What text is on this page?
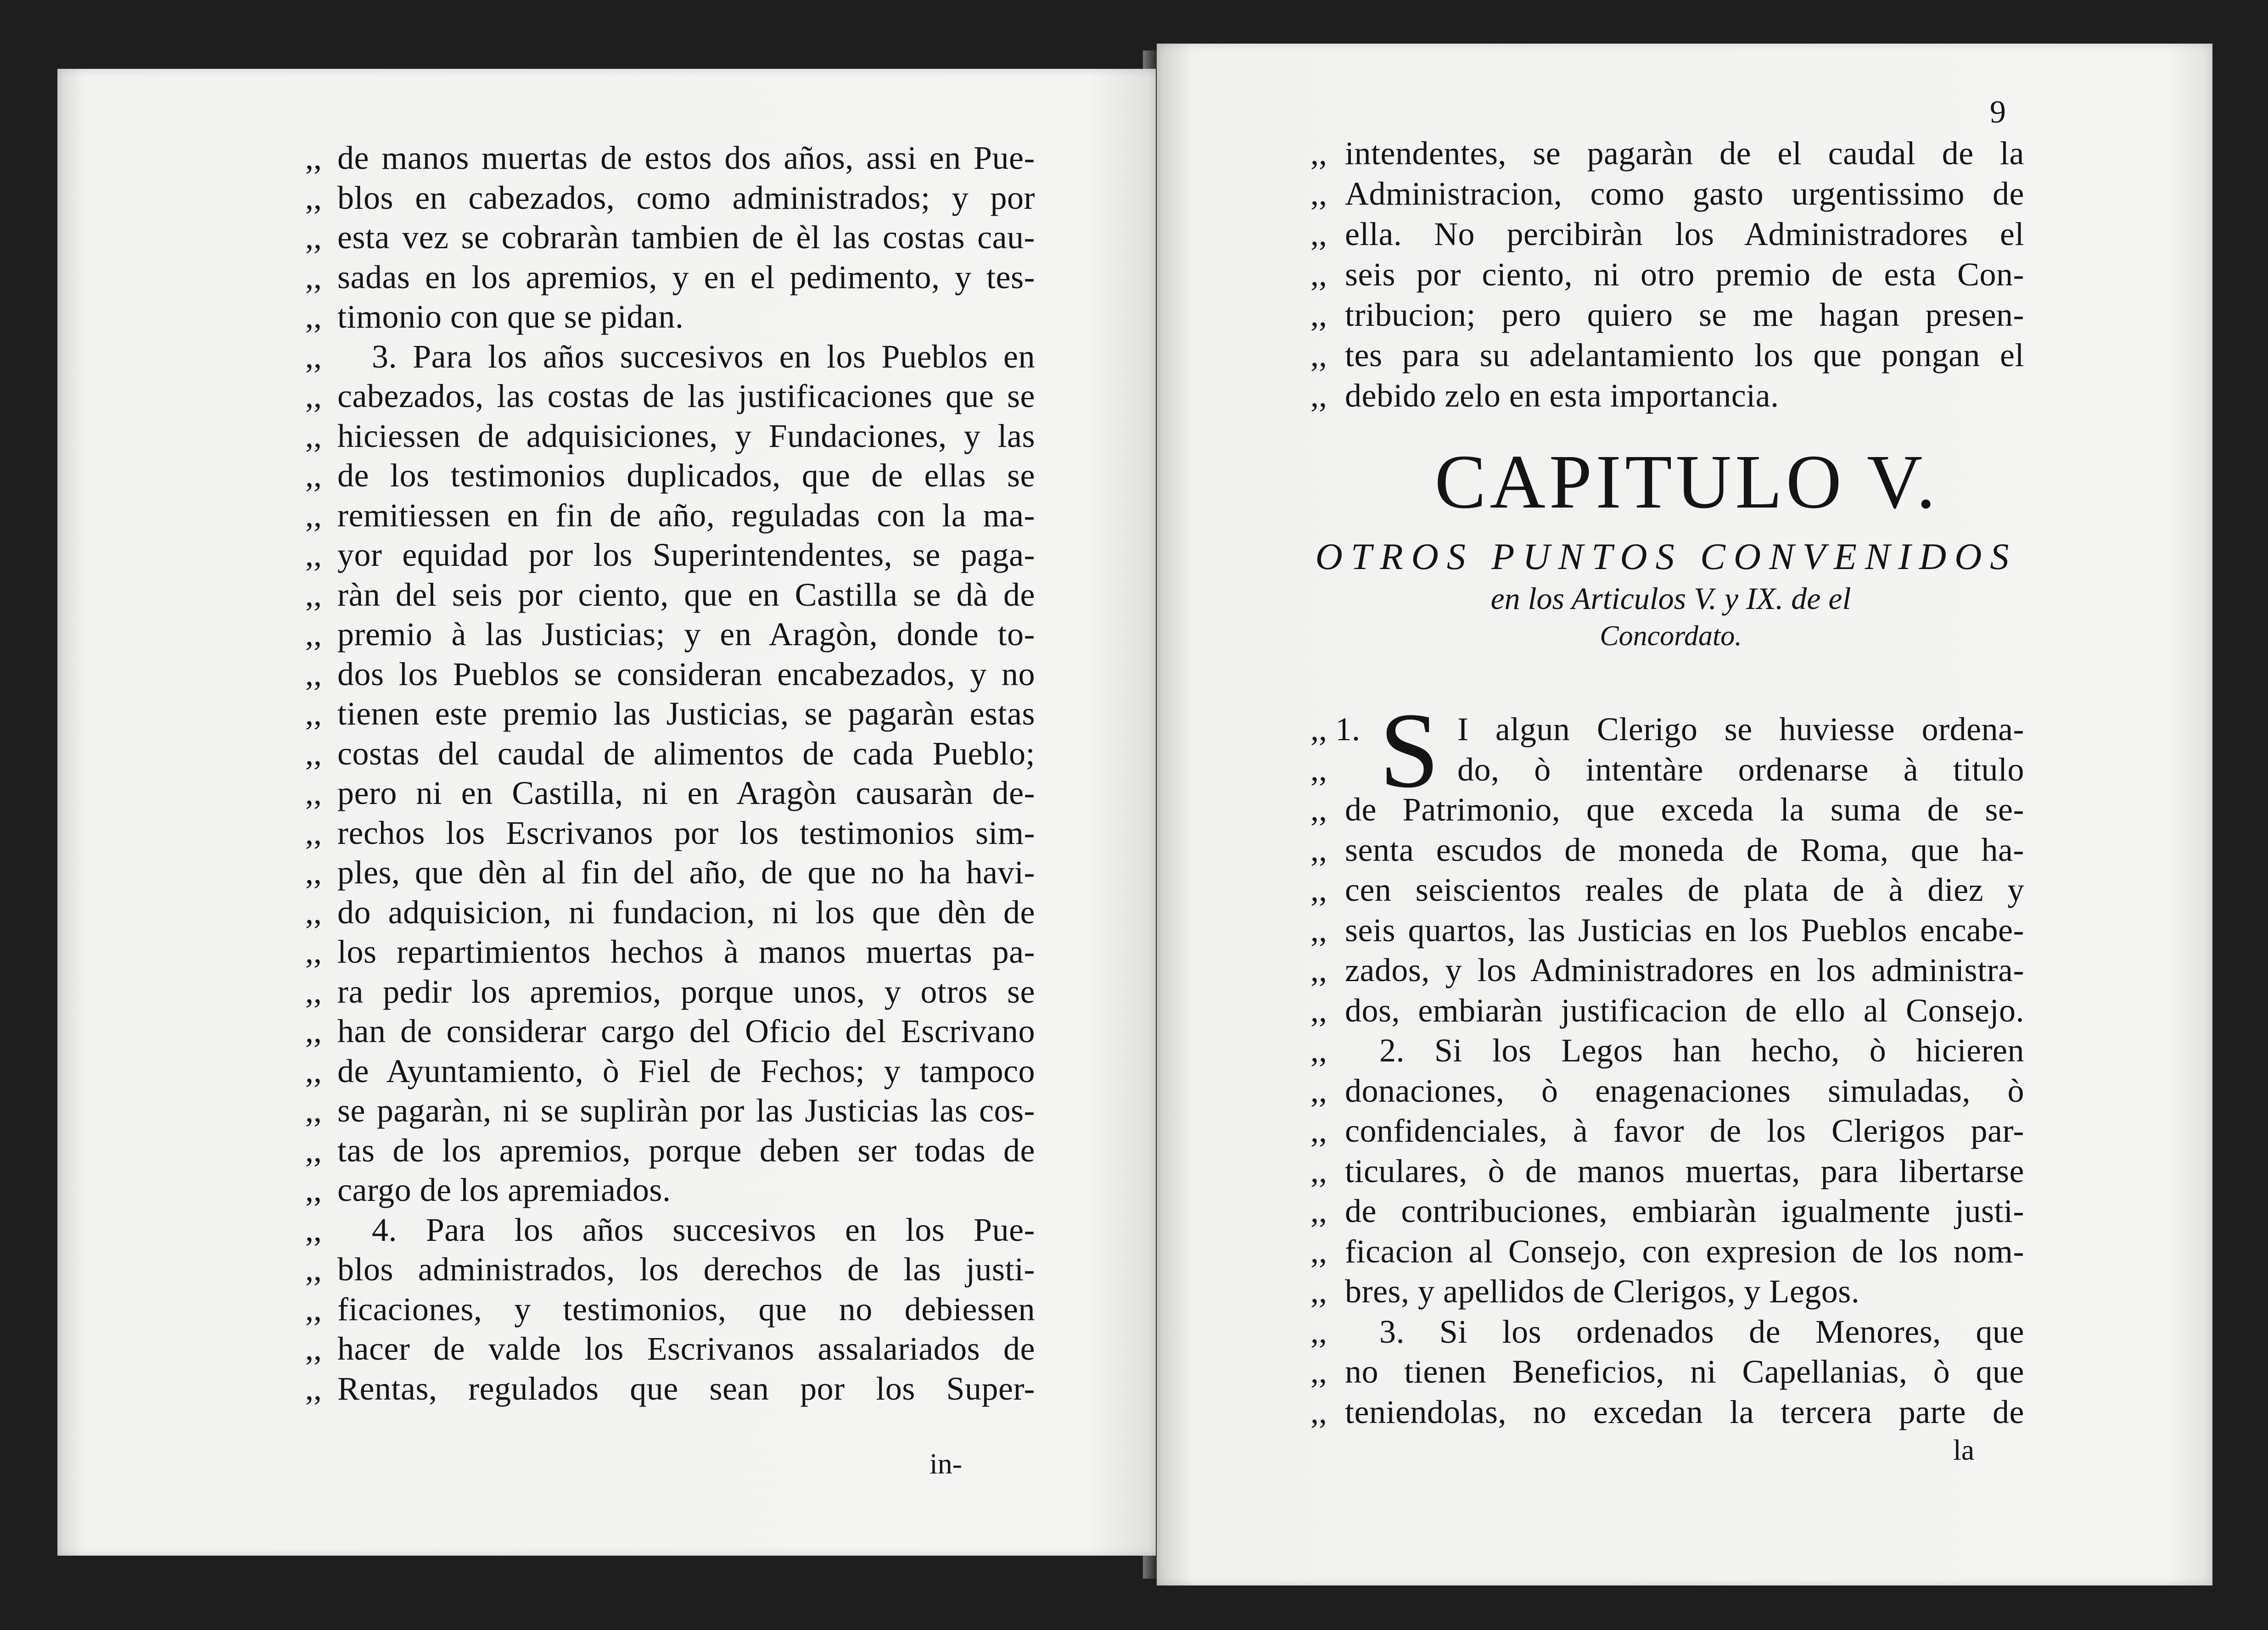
,, de manos muertas de estos dos años, assi en Pue-
,, blos en cabezados, como administrados; y por
,, esta vez se cobraràn tambien de èl las costas cau-
,, sadas en los apremios, y en el pedimento, y tes-
,, timonio con que se pidan.
,, 3. Para los años succesivos en los Pueblos en
,, cabezados, las costas de las justificaciones que se
,, hiciessen de adquisiciones, y Fundaciones, y las
,, de los testimonios duplicados, que de ellas se
,, remitiessen en fin de año, reguladas con la ma-
,, yor equidad por los Superintendentes, se paga-
,, ràn del seis por ciento, que en Castilla se dà de
,, premio à las Justicias; y en Aragòn, donde to-
,, dos los Pueblos se consideran encabezados, y no
,, tienen este premio las Justicias, se pagaràn estas
,, costas del caudal de alimentos de cada Pueblo;
,, pero ni en Castilla, ni en Aragòn causaràn de-
,, rechos los Escrivanos por los testimonios sim-
,, ples, que dèn al fin del año, de que no ha havi-
,, do adquisicion, ni fundacion, ni los que dèn de
,, los repartimientos hechos à manos muertas pa-
,, ra pedir los apremios, porque unos, y otros se
,, han de considerar cargo del Oficio del Escrivano
,, de Ayuntamiento, ò Fiel de Fechos; y tampoco
,, se pagaràn, ni se supliràn por las Justicias las cos-
,, tas de los apremios, porque deben ser todas de
,, cargo de los apremiados.
,, 4. Para los años succesivos en los Pue-
,, blos administrados, los derechos de las justi-
,, ficaciones, y testimonios, que no debiessen
,, hacer de valde los Escrivanos assalariados de
,, Rentas, regulados que sean por los Super-
9
CAPITULO V.
OTROS PUNTOS CONVENIDOS
en los Articulos V. y IX. de el
Concordato.
S
,, intendentes, se pagaràn de el caudal de la
,, Administracion, como gasto urgentissimo de
,, ella. No percibiràn los Administradores el
,, seis por ciento, ni otro premio de esta Con-
,, tribucion; pero quiero se me hagan presen-
,, tes para su adelantamiento los que pongan el
,, debido zelo en esta importancia.
,, 1.	I algun Clerigo se huviesse ordena-
,,	do, ò intentàre ordenarse à titulo
,, de Patrimonio, que exceda la suma de se-
,, senta escudos de moneda de Roma, que ha-
,, cen seiscientos reales de plata de à diez y
,, seis quartos, las Justicias en los Pueblos encabe-
,, zados, y los Administradores en los administra-
,, dos, embiaràn justificacion de ello al Consejo.
,, 2. Si los Legos han hecho, ò hicieren
,, donaciones, ò enagenaciones simuladas, ò
,, confidenciales, à favor de los Clerigos par-
,, ticulares, ò de manos muertas, para libertarse
,, de contribuciones, embiaràn igualmente justi-
,, ficacion al Consejo, con expresion de los nom-
,, bres, y apellidos de Clerigos, y Legos.
,, 3. Si los ordenados de Menores, que
,, no tienen Beneficios, ni Capellanias, ò que
,, teniendolas, no excedan la tercera parte de
in-	la
